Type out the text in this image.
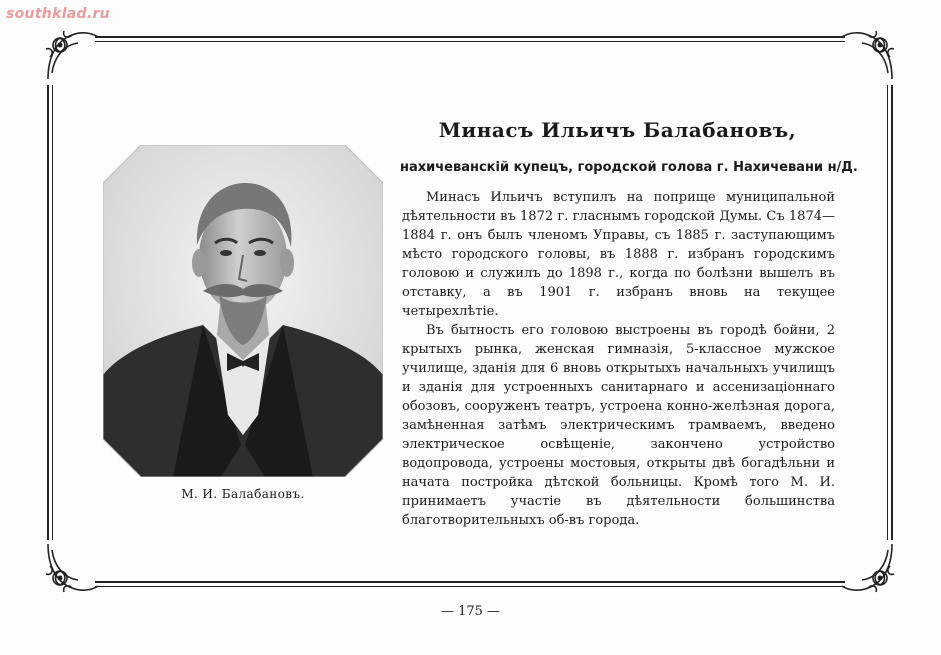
southklad.ru
М. И. Балабановъ.
Минасъ Ильичъ Балабановъ,
нахичеванскій купецъ, городской голова г. Нахичевани н/Д.

Минасъ Ильичъ вступилъ на поприще муниципальной дѣятельности въ 1872 г. гласнымъ городской Думы. Съ 1874—1884 г. онъ былъ членомъ Управы, съ 1885 г. заступающимъ мѣсто городского головы, въ 1888 г. избранъ городскимъ головою и служилъ до 1898 г., когда по болѣзни вышелъ въ отставку, а въ 1901 г. избранъ вновь на текущее четырехлѣтіе.

Въ бытность его головою выстроены въ городѣ бойни, 2 крытыхъ рынка, женская гимназія, 5-классное мужское училище, зданія для 6 вновь открытыхъ начальныхъ училищъ и зданія для устроенныхъ санитарнаго и ассенизаціоннаго обозовъ, сооруженъ театръ, устроена конно-желѣзная дорога, замѣненная затѣмъ электрическимъ трамваемъ, введено электрическое освѣщеніе, закончено устройство водопровода, устроены мостовыя, открыты двѣ богадѣльни и начата постройка дѣтской больницы. Кромѣ того М. И. принимаетъ участіе въ дѣятельности большинства благотворительныхъ об-въ города.

— 175 —
